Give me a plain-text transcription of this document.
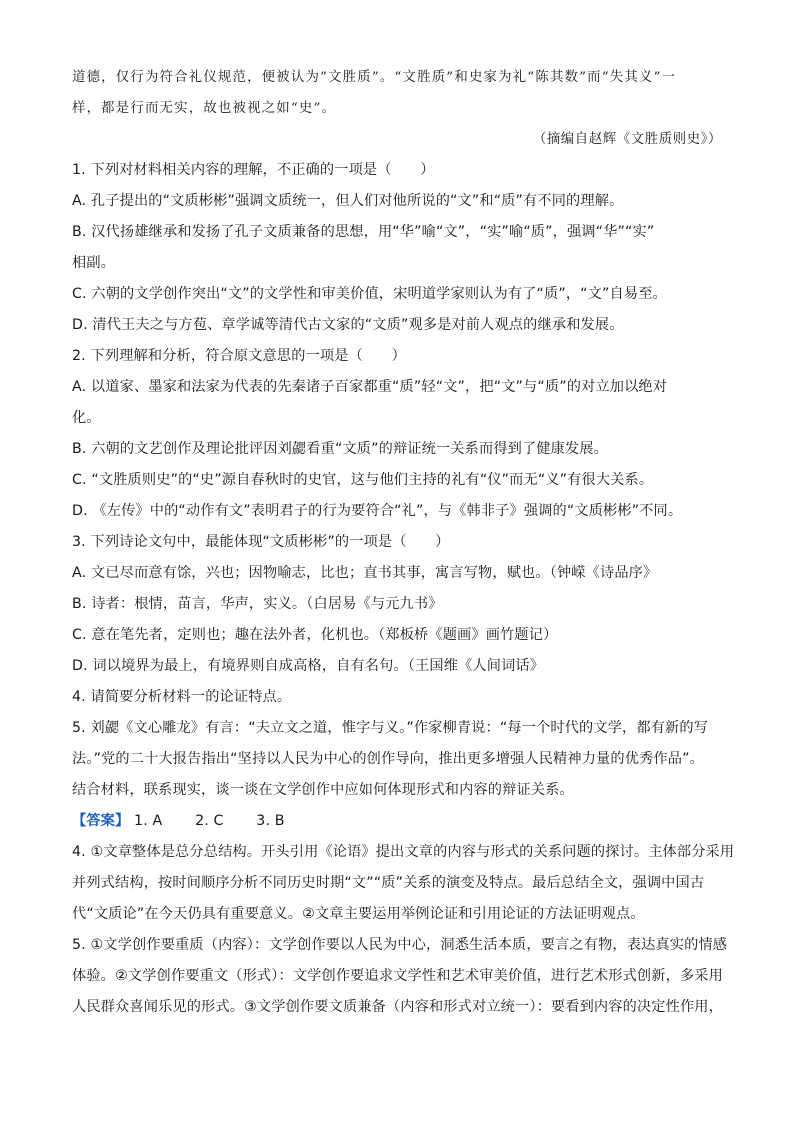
道德，仅行为符合礼仪规范，便被认为“文胜质”。“文胜质”和史家为礼“陈其数”而“失其义”一
样，都是行而无实，故也被视之如“史”。
（摘编自赵辉《文胜质则史》）
1. 下列对材料相关内容的理解，不正确的一项是（　　）
A. 孔子提出的“文质彬彬”强调文质统一，但人们对他所说的“文”和“质”有不同的理解。
B. 汉代扬雄继承和发扬了孔子文质兼备的思想，用“华”喻“文”，“实”喻“质”，强调“华”“实”
相副。
C. 六朝的文学创作突出“文”的文学性和审美价值，宋明道学家则认为有了“质”，“文”自易至。
D. 清代王夫之与方苞、章学诚等清代古文家的“文质”观多是对前人观点的继承和发展。
2. 下列理解和分析，符合原文意思的一项是（　　）
A. 以道家、墨家和法家为代表的先秦诸子百家都重“质”轻“文”，把“文”与“质”的对立加以绝对
化。
B. 六朝的文艺创作及理论批评因刘勰看重“文质”的辩证统一关系而得到了健康发展。
C. “文胜质则史”的“史”源自春秋时的史官，这与他们主持的礼有“仪”而无“义”有很大关系。
D. 《左传》中的“动作有文”表明君子的行为要符合“礼”，与《韩非子》强调的“文质彬彬”不同。
3. 下列诗论文句中，最能体现“文质彬彬”的一项是（　　）
A. 文已尽而意有馀，兴也；因物喻志，比也；直书其事，寓言写物，赋也。（钟嵘《诗品序》
B. 诗者：根情，苗言，华声，实义。（白居易《与元九书》
C. 意在笔先者，定则也；趣在法外者，化机也。（郑板桥《题画》画竹题记）
D. 词以境界为最上，有境界则自成高格，自有名句。（王国维《人间词话》
4. 请简要分析材料一的论证特点。
5. 刘勰《文心雕龙》有言：“夫立文之道，惟字与义。”作家柳青说：“每一个时代的文学，都有新的写
法。”党的二十大报告指出“坚持以人民为中心的创作导向，推出更多增强人民精神力量的优秀作品”。
结合材料，联系现实，谈一谈在文学创作中应如何体现形式和内容的辩证关系。
【答案】 1. A 2. C 3. B
4. ①文章整体是总分总结构。开头引用《论语》提出文章的内容与形式的关系问题的探讨。主体部分采用
并列式结构，按时间顺序分析不同历史时期“文”“质”关系的演变及特点。最后总结全文，强调中国古
代“文质论”在今天仍具有重要意义。②文章主要运用举例论证和引用论证的方法证明观点。
5. ①文学创作要重质（内容）：文学创作要以人民为中心，洞悉生活本质，要言之有物，表达真实的情感
体验。②文学创作要重文（形式）：文学创作要追求文学性和艺术审美价值，进行艺术形式创新，多采用
人民群众喜闻乐见的形式。③文学创作要文质兼备（内容和形式对立统一）：要看到内容的决定性作用，
